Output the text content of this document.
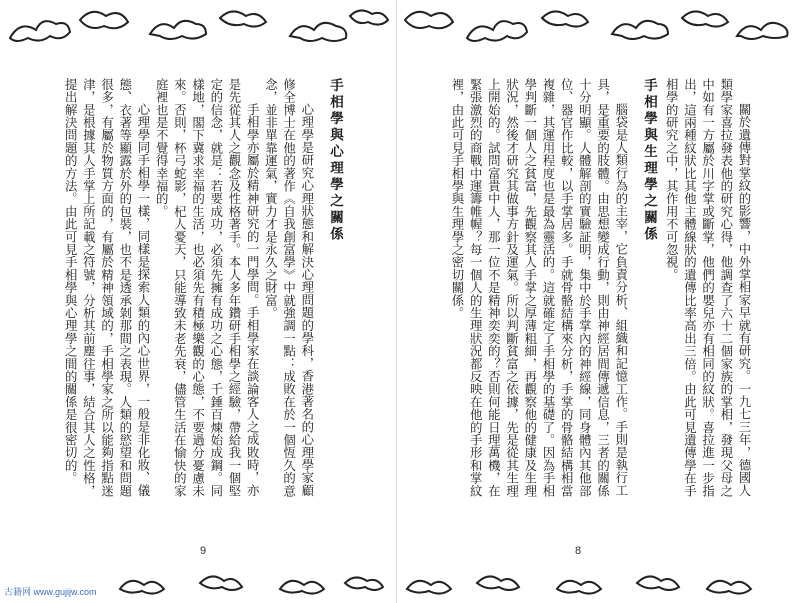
手相學與心理學之關係
心理學是研究心理狀態和解決心理問題的學科，香港著名的心理學家顧修全博士在他的著作《自我創富學》中就強調一點：成敗在於一個恆久的意念，並非單靠運氣，實力才是永久之財富。
手相學亦屬於精神研究的一門學問。手相學家在談論客人之成敗時，亦是先從其人之觀念及性格著手。本人多年鑽研手相學之經驗，帶給我一個堅定的信念，就是：若要成功，必須先擁有成功之心態，千錘百煉始成鋼。同樣地，閣下冀求幸福的生活，也必須先有積極樂觀的心態，不要過分憂慮未來。否則，杯弓蛇影，杞人憂天，只能導致未老先衰，儘管生活在愉快的家庭裡也是不覺得幸福的。
心理學同手相學一樣，同樣是探索人類的內心世界，一般是非化妝、儀態、衣著等顯露於外的包裝，也不是透承剝那間之表現。人類的慾望和問題很多，有屬於物質方面的，有屬於精神領域的，手相學家之所以能夠指點迷津，是根據其人手掌上所記載之符號，分析其前塵往事，結合其人之性格，提出解決問題的方法。由此可見手相學與心理學之間的關係是很密切的。
9
古籍网 www.gujijw.com
關於遺傳對掌紋的影響，中外掌相家早就有研究。一九七三年，德國人類學家喜拉發表他的研究心得，他調查了六十二個家族的掌相，發現父母之中如有一方屬於川字掌或斷掌，他們的嬰兒亦有相同的紋狀。喜拉進一步指出，這兩種紋狀比其他主體線狀的遺傳比率高出三倍。由此可見遺傳學在手相學的研究之中，其作用不可忽視。
手相學與生理學之關係
腦袋是人類行為的主宰，它負責分析、組織和記憶工作。手則是執行工具，是重要的肢體。由思想變成行動，則由神經居間傳遞信息，三者的關係十分明顯。人體解剖的實驗証明，集中於手掌內的神經線，同身體內其他部位、器官作比較，以手掌居多。手就骨骼結構來分析，手掌的骨骼結構相當複雜，其運用程度也是最為靈活的。這就確定了手相學的基礎了。因為手相學判斷一個人之貧富，先觀察其人手掌之厚薄粗細，再觀察他的健康及生理狀況，然後才研究其做事方針及運氣。所以判斷貧富之依據，先是從其生理上開始的。試問富貴中人，那一位不是精神奕奕的？否則何能日理萬機，在緊張激烈的商戰中運籌帷幄？每一個人的生理狀況都反映在他的手形和掌紋裡，由此可見手相學與生理學之密切關係。
8
